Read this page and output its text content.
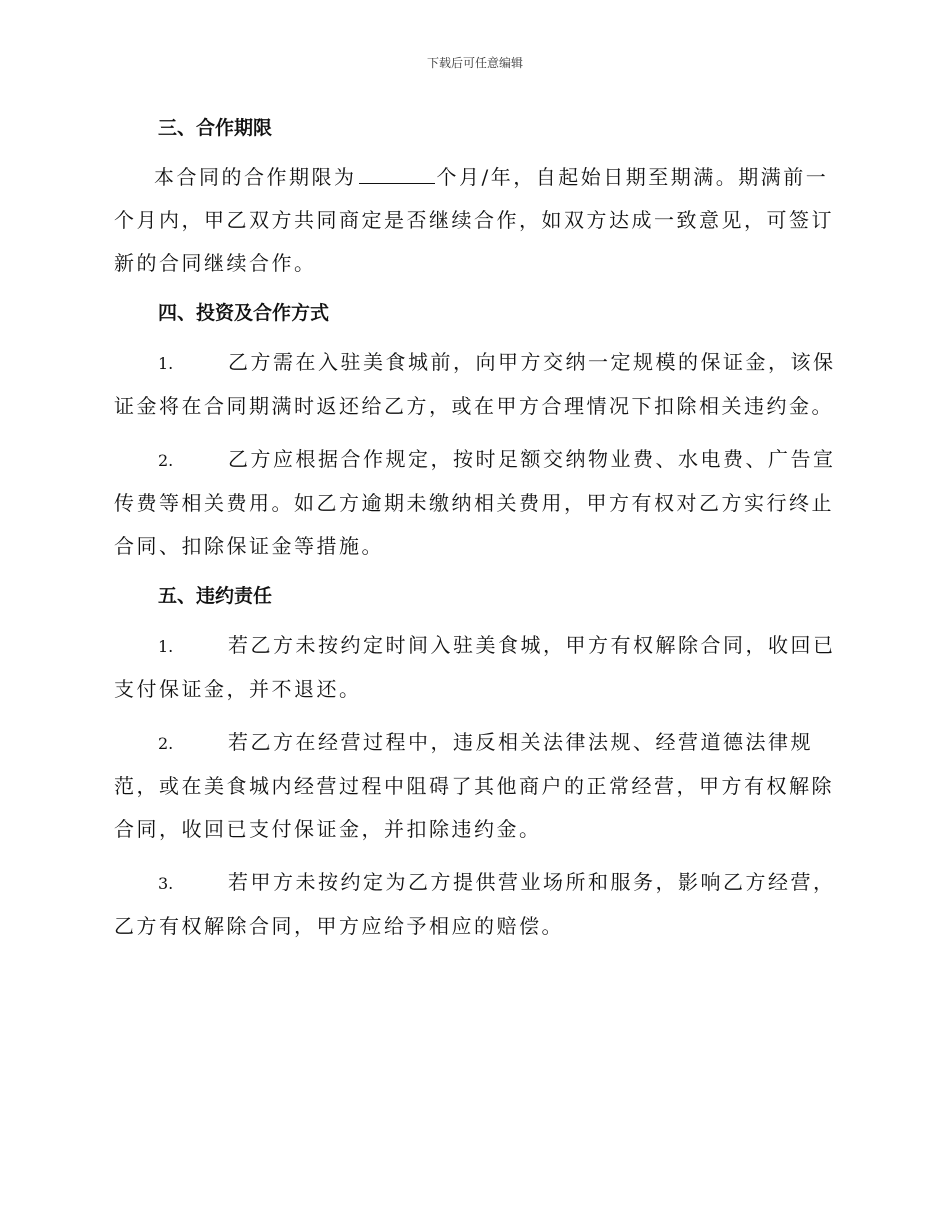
下载后可任意编辑
三、合作期限

本合同的合作期限为	个月/年，自起始日期至期满。期满前一个月内，甲乙双方共同商定是否继续合作，如双方达成一致意见，可签订新的合同继续合作。

四、投资及合作方式

1.	乙方需在入驻美食城前，向甲方交纳一定规模的保证金，该保证金将在合同期满时返还给乙方，或在甲方合理情况下扣除相关违约金。

2.	乙方应根据合作规定，按时足额交纳物业费、水电费、广告宣传费等相关费用。如乙方逾期未缴纳相关费用，甲方有权对乙方实行终止合同、扣除保证金等措施。

五、违约责任

1.	若乙方未按约定时间入驻美食城，甲方有权解除合同，收回已支付保证金，并不退还。

2.	若乙方在经营过程中，违反相关法律法规、经营道德法律规范，或在美食城内经营过程中阻碍了其他商户的正常经营，甲方有权解除合同，收回已支付保证金，并扣除违约金。

3.	若甲方未按约定为乙方提供营业场所和服务，影响乙方经营，乙方有权解除合同，甲方应给予相应的赔偿。
